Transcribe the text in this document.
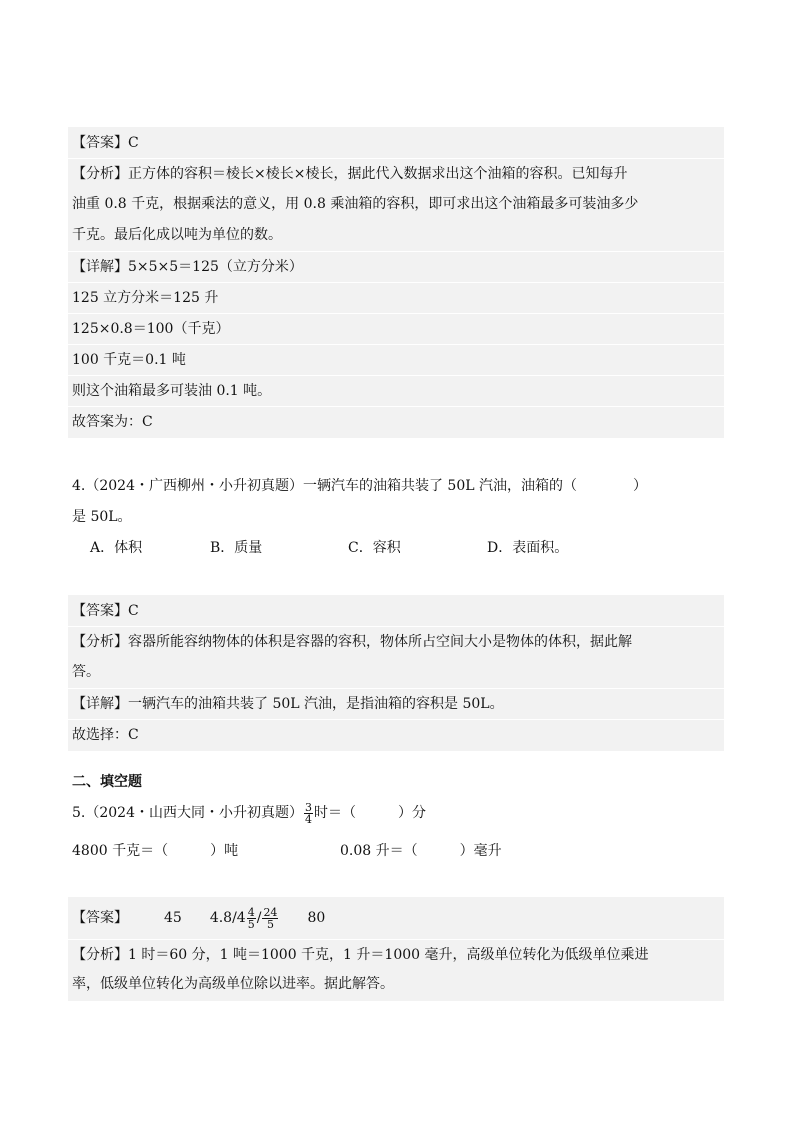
【答案】C
【分析】正方体的容积＝棱长×棱长×棱长，据此代入数据求出这个油箱的容积。已知每升
油重 0.8 千克，根据乘法的意义，用 0.8 乘油箱的容积，即可求出这个油箱最多可装油多少
千克。最后化成以吨为单位的数。
【详解】5×5×5＝125（立方分米）
125 立方分米＝125 升
125×0.8＝100（千克）
100 千克＝0.1 吨
则这个油箱最多可装油 0.1 吨。
故答案为：C
4.（2024・广西柳州・小升初真题）一辆汽车的油箱共装了 50L 汽油，油箱的（　　　　）
是 50L。
A．体积	B．质量	C．容积	D．表面积。
【答案】C
【分析】容器所能容纳物体的体积是容器的容积，物体所占空间大小是物体的体积，据此解
答。
【详解】一辆汽车的油箱共装了 50L 汽油，是指油箱的容积是 50L。
故选择：C
二、填空题
5.（2024・山西大同・小升初真题） $\frac{3}{4}$ 时＝（　　　）分
4800 千克＝（　　　）吨	0.08 升＝（　　　）毫升
【答案】	45 $4.8/4 \frac{4}{5} / \frac{24}{5} 80$
【分析】1 时＝60 分，1 吨＝1000 千克，1 升＝1000 毫升，高级单位转化为低级单位乘进
率，低级单位转化为高级单位除以进率。据此解答。
